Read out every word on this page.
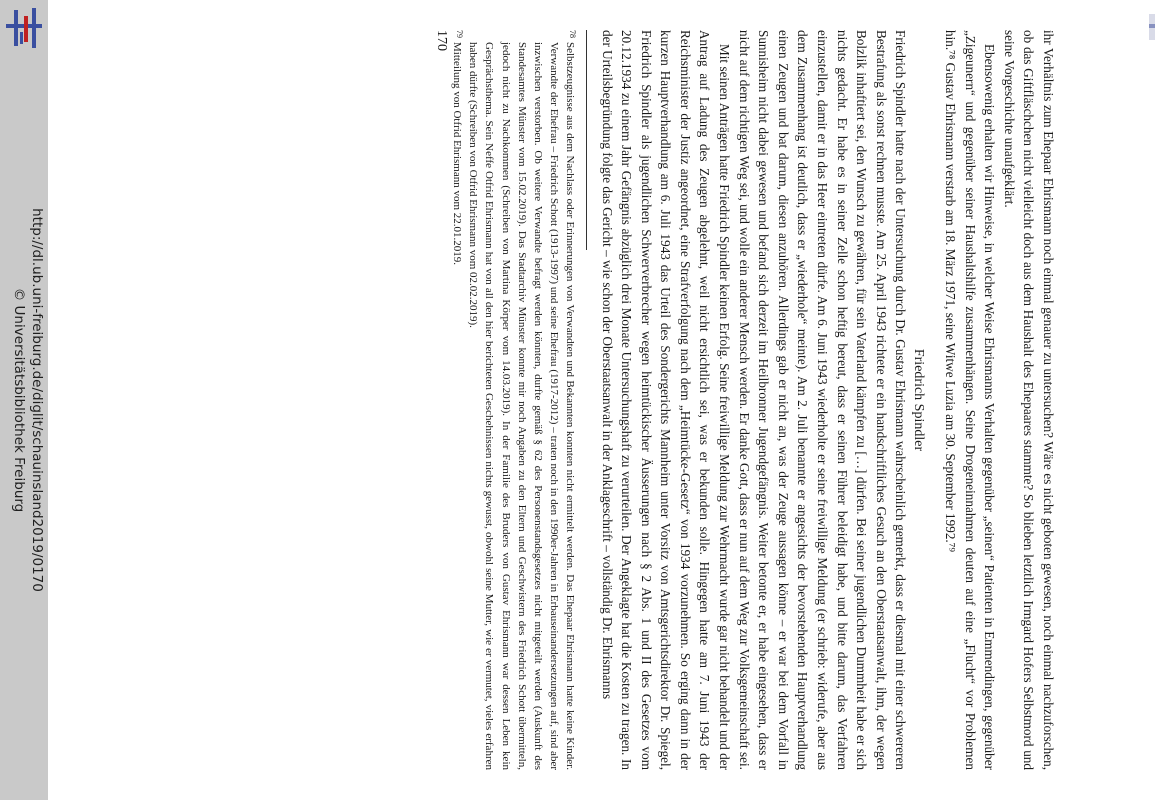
http://dl.ub.uni-freiburg.de/diglit/schauinsland2019/0170
© Universitätsbibliothek Freiburg	ihr Verhältnis zum Ehepaar Ehrismann noch einmal genauer zu untersuchen? Wäre es nicht geboten gewesen, noch einmal nachzuforschen, ob das Giftfläschchen nicht vielleicht doch aus dem Haushalt des Ehepaares stammte? So blieben letztlich Irmgard Hofers Selbstmord und seine Vorgeschichte unaufgeklärt.

Ebensowenig erhalten wir Hinweise, in welcher Weise Ehrismanns Verhalten gegenüber „seinen“ Patienten in Emmendingen, gegenüber „Zigeunern“ und gegenüber seiner Haushaltshilfe zusammenhängen. Seine Drogeneinnahmen deuten auf eine „Flucht“ vor Problemen hin.⁷⁸ Gustav Ehrismann verstarb am 18. März 1971, seine Witwe Luzia am 30. September 1992.⁷⁹

Friedrich Spindler

Friedrich Spindler hatte nach der Untersuchung durch Dr. Gustav Ehrismann wahrscheinlich gemerkt, dass er diesmal mit einer schwereren Bestrafung als sonst rechnen musste. Am 25. April 1943 richtete er ein handschriftliches Gesuch an den Oberstaatsanwalt, ihm, der wegen Bolzlik inhaftiert sei, den Wunsch zu gewähren, für sein Vaterland kämpfen zu […] dürfen. Bei seiner jugendlichen Dummheit habe er sich nichts gedacht. Er habe es in seiner Zelle schon heftig bereut, dass er seinen Führer beleidigt habe, und bitte darum, das Verfahren einzustellen, damit er in das Heer eintreten dürfe. Am 6. Juni 1943 wiederholte er seine freiwillige Meldung (er schrieb: widerufe, aber aus dem Zusammenhang ist deutlich, dass er „wiederhole“ meinte). Am 2. Juli benannte er angesichts der bevorstehenden Hauptverhandlung einen Zeugen und bat darum, diesen anzuhören. Allerdings gab er nicht an, was der Zeuge aussagen könne – er war bei dem Vorfall in Sunnisheim nicht dabei gewesen und befand sich derzeit im Heilbronner Jugendgefängnis. Weiter betonte er, er habe eingesehen, dass er nicht auf dem richtigen Weg sei, und wolle ein anderer Mensch werden. Er danke Gott, dass er nun auf dem Weg zur Volksgemeinschaft sei.

Mit seinen Anträgen hatte Friedrich Spindler keinen Erfolg. Seine freiwillige Meldung zur Wehrmacht wurde gar nicht behandelt und der Antrag auf Ladung des Zeugen abgelehnt, weil nicht ersichtlich sei, was er bekunden solle. Hingegen hatte am 7. Juni 1943 der Reichsminister der Justiz angeordnet, eine Strafverfolgung nach dem „Heimtücke-Gesetz“ von 1934 vorzunehmen. So erging dann in der kurzen Hauptverhandlung am 6. Juli 1943 das Urteil des Sondergerichts Mannheim unter Vorsitz von Amtsgerichtsdirektor Dr. Spiegel, Friedrich Spindler als jugendlichen Schwerverbrecher wegen heimtückischer Äusserungen nach § 2 Abs. 1 und II des Gesetzes vom 20.12.1934 zu einem Jahr Gefängnis abzüglich drei Monate Untersuchungshaft zu verurteilen. Der Angeklagte hat die Kosten zu tragen. In der Urteilsbegründung folgte das Gericht – wie schon der Oberstaatsanwalt in der Anklageschrift – vollständig Dr. Ehrismanns

78
Selbstzeugnisse aus dem Nachlass oder Erinnerungen von Verwandten und Bekannten konnten nicht ermittelt werden. Das Ehepaar Ehrismann hatte keine Kinder. Verwandte der Ehefrau – Friedrich Schott (1913-1997) und seine Ehefrau (1917-2012) – traten noch in den 1990er-Jahren in Erbauseinandersetzungen auf, sind aber inzwischen verstorben. Ob weitere Verwandte befragt werden könnten, durfte gemäß § 62 des Personenstandsgesetzes nicht mitgeteilt werden (Auskunft des Standesamtes Münster vom 15.02.2019). Das Stadtarchiv Münster konnte mir noch Angaben zu den Eltern und Geschwistern des Friedrich Schott übermitteln, jedoch nicht zu Nachkommen (Schreiben von Martina Körper vom 14.03.2019). In der Familie des Bruders von Gustav Ehrismann war dessen Leben kein Gesprächsthema. Sein Neffe Otfrid Ehrismann hat von all den hier berichteten Geschehnissen nichts gewusst, obwohl seine Mutter, wie er vermutet, vieles erfahren haben dürfte (Schreiben von Otfrid Ehrismann vom 02.02.2019).

79
Mitteilung von Otfrid Ehrismann vom 22.01.2019.

170
